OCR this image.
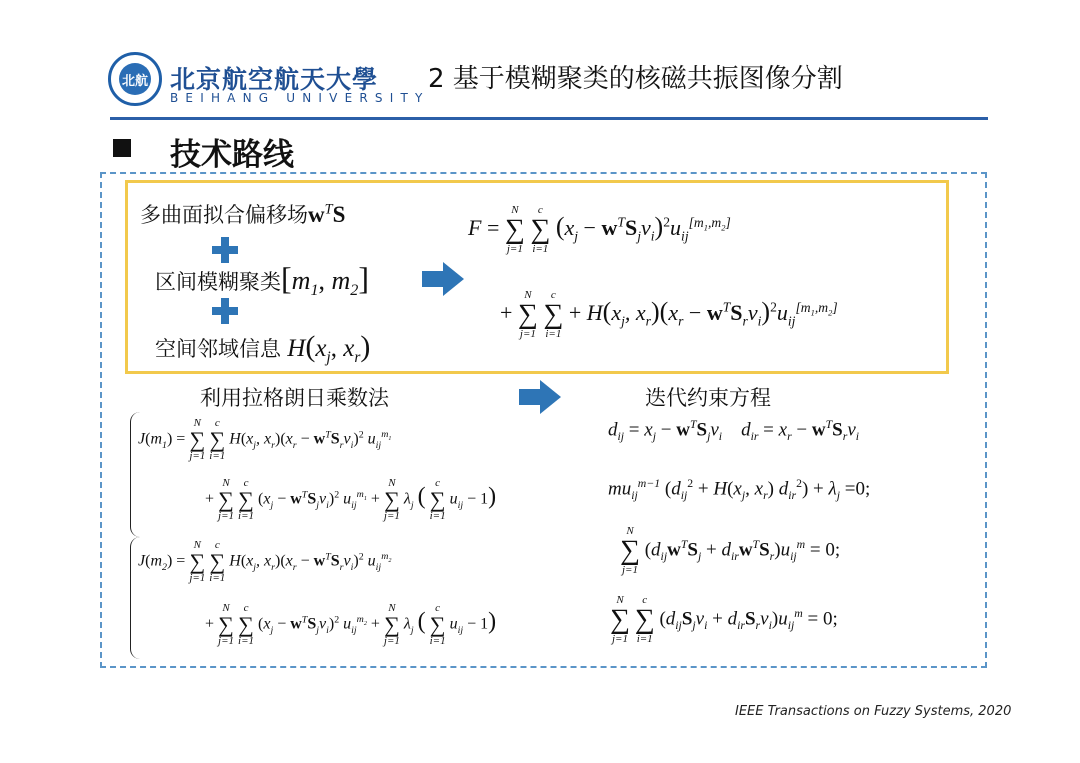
北航 北京航空航天大學
BEIHANG UNIVERSITY
2 基于模糊聚类的核磁共振图像分割
技术路线
多曲面拟合偏移场$w^TS$
区间模糊聚类[$m_1$, $m_2$]
空间邻域信息 $H(x_j$, $x_r$)
F =
N
∑
j=1

c
∑
i=1
$(x_j - w^TS_jv_i)^2u_{ij}[m1,m2]$
+
N
∑
j=1

c
∑
i=1
+ $H(x_j$, $x_r)(x_r - w^TS_rv_i)^2u_{ij}[m1,m2]$
利用拉格朗日乘数法	迭代约束方程
$J(m_1)$ =
N
∑
j=1

c
∑
i=1
$H(x_j$, $x_r)(x_r - w^TS_rv_i)^2$ $u_{ij}^{m_1}$
+
N
∑
j=1

c
∑
i=1
$(x_j - w^TS_jv_i)^2$ $u_{ij}^{m_1}$ +
N
∑
j=1
$\lambda_j$ (
c
∑
i=1
$u_{ij} - 1$)
$J(m_2)$ =
N
∑
j=1

c
∑
i=1
$H(x_j$, $x_r)(x_r - w^TS_rv_i)^2$ $u_{ij}^{m_2}$
+
N
∑
j=1

c
∑
i=1
$(x_j - w^TS_jv_i)^2$ $u_{ij}^{m_2}$ +
N
∑
j=1
$\lambda_j$ (
c
∑
i=1
$u_{ij} - 1$)
$d_{ij} = x_j - w^TS_jv_i$    $d_{ir} = x_r - w^TS_rv_i$
$mu_{ij}^{m-1}$ ($d_{ij}^2 + H(x_j$, $x_r$) $d_{ir}^2) + \lambda_j =0$;
N
∑
j=1
$(d_{ij}w^TS_j + d_{ir}w^TS_r)u_{ij}^m = 0$;
N
∑
j=1

c
∑
i=1
$(d_{ij}S_jv_i + d_{ir}S_rv_i)u_{ij}^m = 0$;
IEEE Transactions on Fuzzy Systems, 2020
